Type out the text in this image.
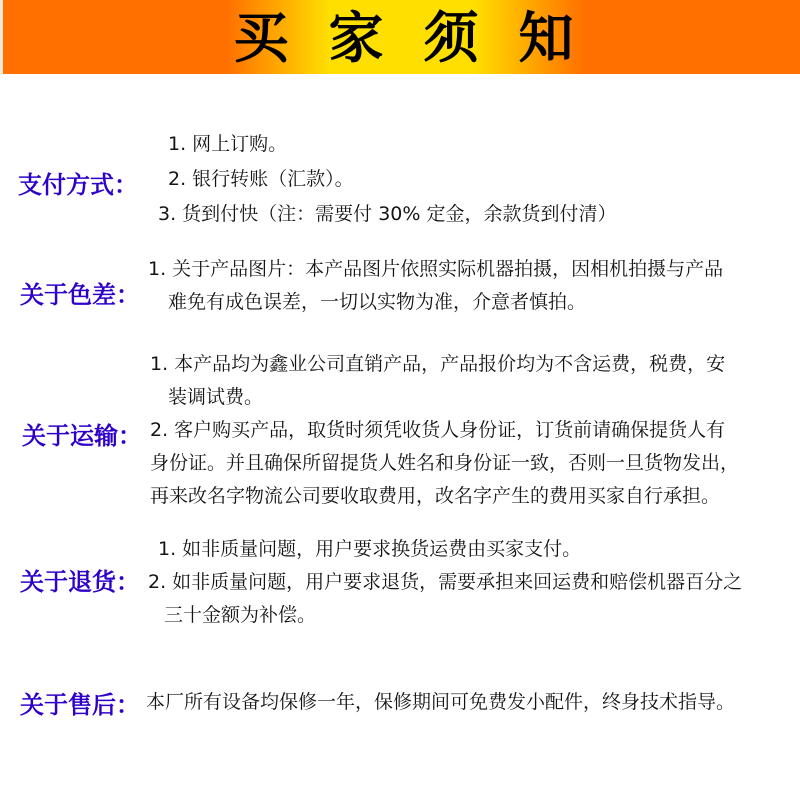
买家须知
支付方式：
1. 网上订购。
2. 银行转账（汇款）。
3. 货到付快（注：需要付 30% 定金，余款货到付清）
关于色差：
1. 关于产品图片：本产品图片依照实际机器拍摄，因相机拍摄与产品
难免有成色误差，一切以实物为准，介意者慎拍。
关于运输：
1. 本产品均为鑫业公司直销产品，产品报价均为不含运费，税费，安
装调试费。
2. 客户购买产品，取货时须凭收货人身份证，订货前请确保提货人有
身份证。并且确保所留提货人姓名和身份证一致，否则一旦货物发出，
再来改名字物流公司要收取费用，改名字产生的费用买家自行承担。
关于退货：
1. 如非质量问题，用户要求换货运费由买家支付。
2. 如非质量问题，用户要求退货，需要承担来回运费和赔偿机器百分之
三十金额为补偿。
关于售后： 本厂所有设备均保修一年，保修期间可免费发小配件，终身技术指导。
